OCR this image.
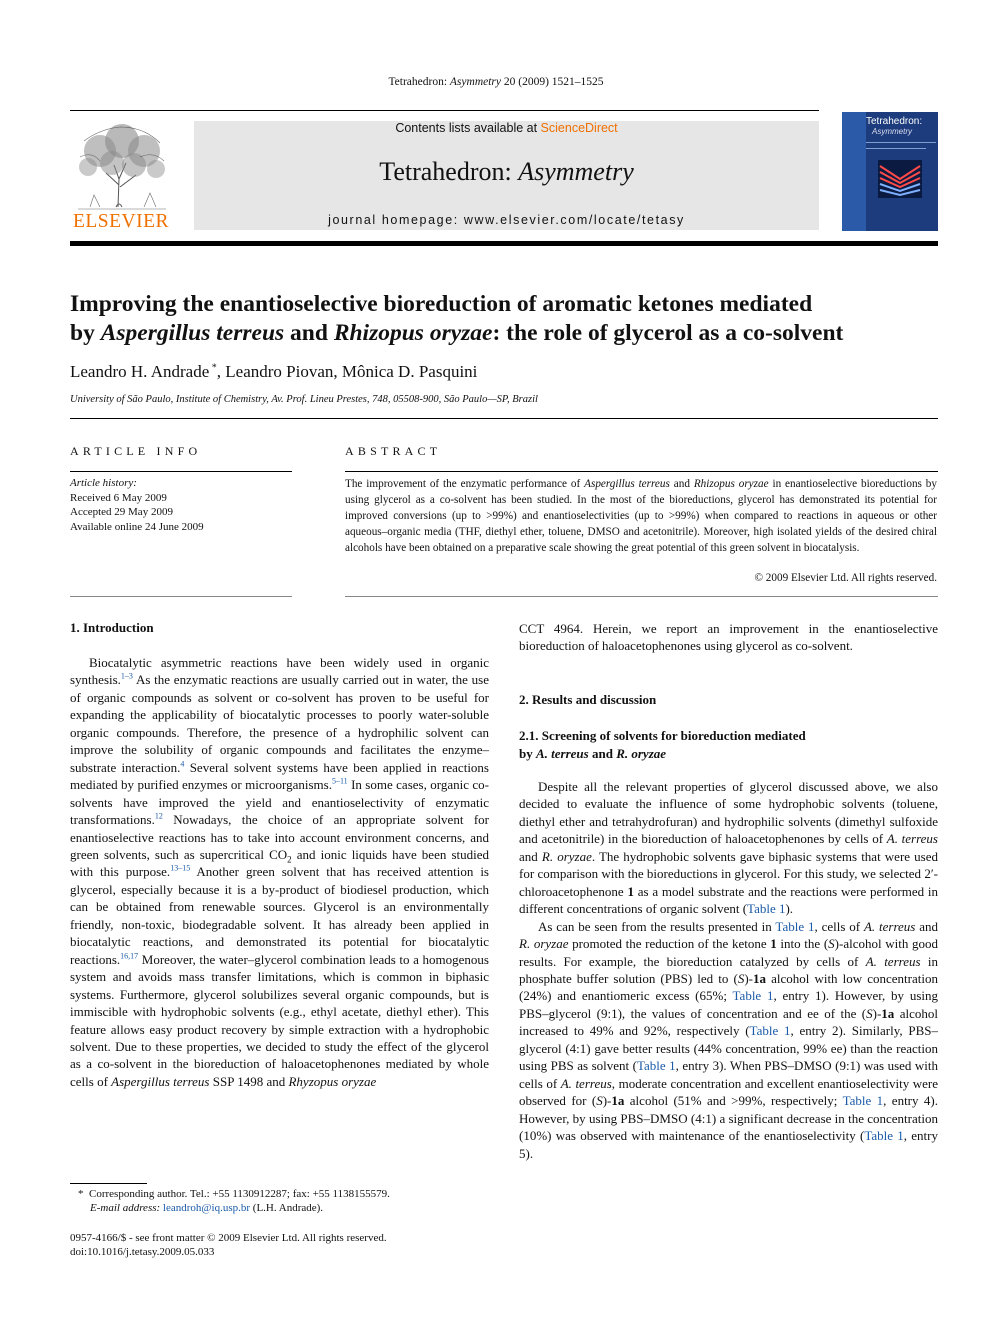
Tetrahedron: Asymmetry 20 (2009) 1521–1525
ELSEVIER
Contents lists available at ScienceDirect
Tetrahedron: Asymmetry
journal homepage: www.elsevier.com/locate/tetasy
Tetrahedron:
Asymmetry
Improving the enantioselective bioreduction of aromatic ketones mediated
by Aspergillus terreus and Rhizopus oryzae: the role of glycerol as a co-solvent
Leandro H. Andrade *, Leandro Piovan, Mônica D. Pasquini
University of São Paulo, Institute of Chemistry, Av. Prof. Lineu Prestes, 748, 05508-900, São Paulo—SP, Brazil
ARTICLE INFO
Article history:
Received 6 May 2009
Accepted 29 May 2009
Available online 24 June 2009
ABSTRACT
The improvement of the enzymatic performance of Aspergillus terreus and Rhizopus oryzae in enantioselective bioreductions by using glycerol as a co-solvent has been studied. In the most of the bioreductions, glycerol has demonstrated its potential for improved conversions (up to >99%) and enantioselectivities (up to >99%) when compared to reactions in aqueous or other aqueous–organic media (THF, diethyl ether, toluene, DMSO and acetonitrile). Moreover, high isolated yields of the desired chiral alcohols have been obtained on a preparative scale showing the great potential of this green solvent in biocatalysis.
© 2009 Elsevier Ltd. All rights reserved.
1. Introduction

Biocatalytic asymmetric reactions have been widely used in organic synthesis.$^{1-3}$ As the enzymatic reactions are usually carried out in water, the use of organic compounds as solvent or co-solvent has proven to be useful for expanding the applicability of biocatalytic processes to poorly water-soluble organic compounds. Therefore, the presence of a hydrophilic solvent can improve the solubility of organic compounds and facilitates the enzyme–substrate interaction.$^4$ Several solvent systems have been applied in reactions mediated by purified enzymes or microorganisms.$^{5-11}$ In some cases, organic co-solvents have improved the yield and enantioselectivity of enzymatic transformations.$^{12}$ Nowadays, the choice of an appropriate solvent for enantioselective reactions has to take into account environment concerns, and green solvents, such as supercritical $CO_2$ and ionic liquids have been studied with this purpose.$^{13-15}$ Another green solvent that has received attention is glycerol, especially because it is a by-product of biodiesel production, which can be obtained from renewable sources. Glycerol is an environmentally friendly, non-toxic, biodegradable solvent. It has already been applied in biocatalytic reactions, and demonstrated its potential for biocatalytic reactions.$^{16,17}$ Moreover, the water–glycerol combination leads to a homogenous system and avoids mass transfer limitations, which is common in biphasic systems. Furthermore, glycerol solubilizes several organic compounds, but is immiscible with hydrophobic solvents (e.g., ethyl acetate, diethyl ether). This feature allows easy product recovery by simple extraction with a hydrophobic solvent. Due to these properties, we decided to study the effect of the glycerol as a co-solvent in the bioreduction of haloacetophenones mediated by whole cells of Aspergillus terreus SSP 1498 and Rhyzopus oryzae

* Corresponding author. Tel.: +55 1130912287; fax: +55 1138155579.
E-mail address: leandroh@iq.usp.br (L.H. Andrade).
0957-4166/$ - see front matter © 2009 Elsevier Ltd. All rights reserved.
doi:10.1016/j.tetasy.2009.05.033
CCT 4964. Herein, we report an improvement in the enantioselective bioreduction of haloacetophenones using glycerol as co-solvent.
2. Results and discussion
2.1. Screening of solvents for bioreduction mediated
by A. terreus and R. oryzae

Despite all the relevant properties of glycerol discussed above, we also decided to evaluate the influence of some hydrophobic solvents (toluene, diethyl ether and tetrahydrofuran) and hydrophilic solvents (dimethyl sulfoxide and acetonitrile) in the bioreduction of haloacetophenones by cells of A. terreus and R. oryzae. The hydrophobic solvents gave biphasic systems that were used for comparison with the bioreductions in glycerol. For this study, we selected 2′-chloroacetophenone 1 as a model substrate and the reactions were performed in different concentrations of organic solvent (Table 1).

As can be seen from the results presented in Table 1, cells of A. terreus and R. oryzae promoted the reduction of the ketone 1 into the (S)-alcohol with good results. For example, the bioreduction catalyzed by cells of A. terreus in phosphate buffer solution (PBS) led to (S)-1a alcohol with low concentration (24%) and enantiomeric excess (65%; Table 1, entry 1). However, by using PBS–glycerol (9:1), the values of concentration and ee of the (S)-1a alcohol increased to 49% and 92%, respectively (Table 1, entry 2). Similarly, PBS–glycerol (4:1) gave better results (44% concentration, 99% ee) than the reaction using PBS as solvent (Table 1, entry 3). When PBS–DMSO (9:1) was used with cells of A. terreus, moderate concentration and excellent enantioselectivity were observed for (S)-1a alcohol (51% and >99%, respectively; Table 1, entry 4). However, by using PBS–DMSO (4:1) a significant decrease in the concentration (10%) was observed with maintenance of the enantioselectivity (Table 1, entry 5).
